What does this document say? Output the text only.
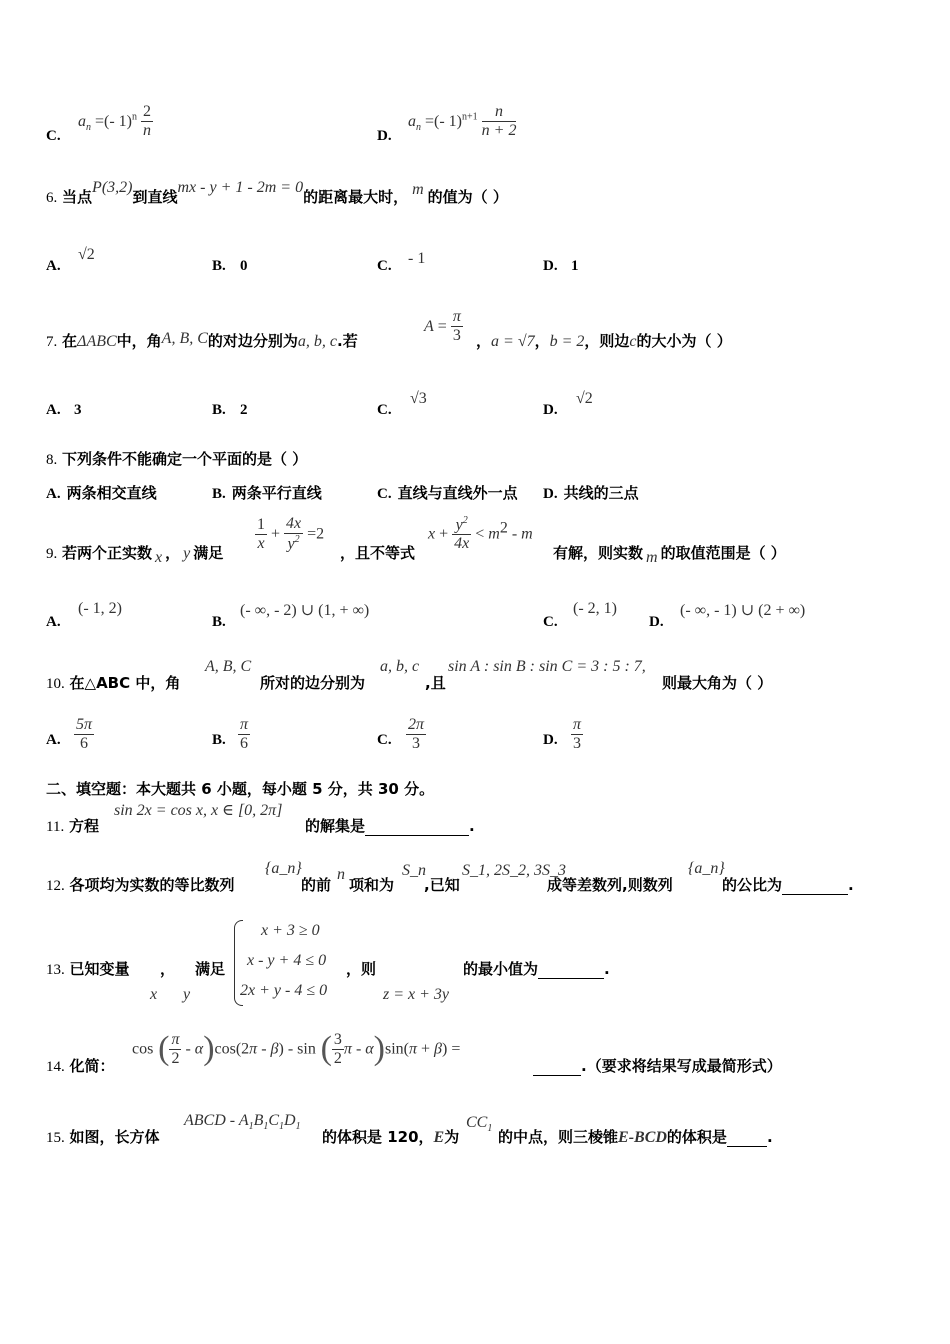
C.
$a_n$ =(- $1)^n \frac{2}{n}$	D.
$a_n$ =(- $1)^{n+1} \frac{n}{n + 2}$
6. 当点P(3,2)到直线mx - y + 1 - 2m = 0的距离最大时， m 的值为（ ）
A.
√2
B. 0	C. - 1	D. 1
7. 在ΔABC中，角A, B, C的对边分别为a, b, c.若
$A = \frac{\pi}{3}$ ，a = √7，b = 2，则边c的大小为（ ）
A. 3	B. 2	C.
√3
D.
√2
8. 下列条件不能确定一个平面的是（ ）
A. 两条相交直线	B. 两条平行直线	C. 直线与直线外一点 D. 共线的三点
9. 若两个正实数 x ， y 满足
$\frac{1}{x} + \frac{4x}{y^2} =2$
，且不等式
$x + \frac{y^2}{4x} < m^2 - m$
有解，则实数 m 的取值范围是（ ）
A.
(- 1, 2)
B.
(- ∞, - 2) ∪ (1, + ∞)
C.
(- 2, 1)
D.
(- ∞, - 1) ∪ (2 + ∞)
10. 在△ABC 中，角
A, B, C
所对的边分别为
a, b, c
,且
sin A : sin B : sin C = 3 : 5 : 7,
则最大角为（ ）
A. $\frac{5\pi}{6}$	B. $\frac{\pi}{6}$	C. $\frac{2\pi}{3}$	D. $\frac{\pi}{3}$
二、填空题：本大题共 6 小题，每小题 5 分，共 30 分。
11. 方程
sin 2x = cos x, x ∈ [0, 2π]
的解集是	.
12. 各项均为实数的等比数列
{a_n}
的前
n
项和为
S_n
,已知
S_1, 2S_2, 3S_3
成等差数列,则数列
{a_n}
的公比为	.
13. 已知变量 ， 满足
x y
x + 3 ≥ 0
x - y + 4 ≤ 0
2x + y - 4 ≤ 0
，则
z = x + 3y
的最小值为	.
14. 化简：
cos ( $\frac{\pi}{2} - \alpha)\cos(2\pi - \beta)$ - sin ( $\frac{3}{2}$ π - α)sin(π + β) =
.（要求将结果写成最简形式）
15. 如图，长方体
ABCD - $A_1B_1C_1D_1$
的体积是 120，E为
$CC_1$ 的中点，则三棱锥E-BCD的体积是	.
